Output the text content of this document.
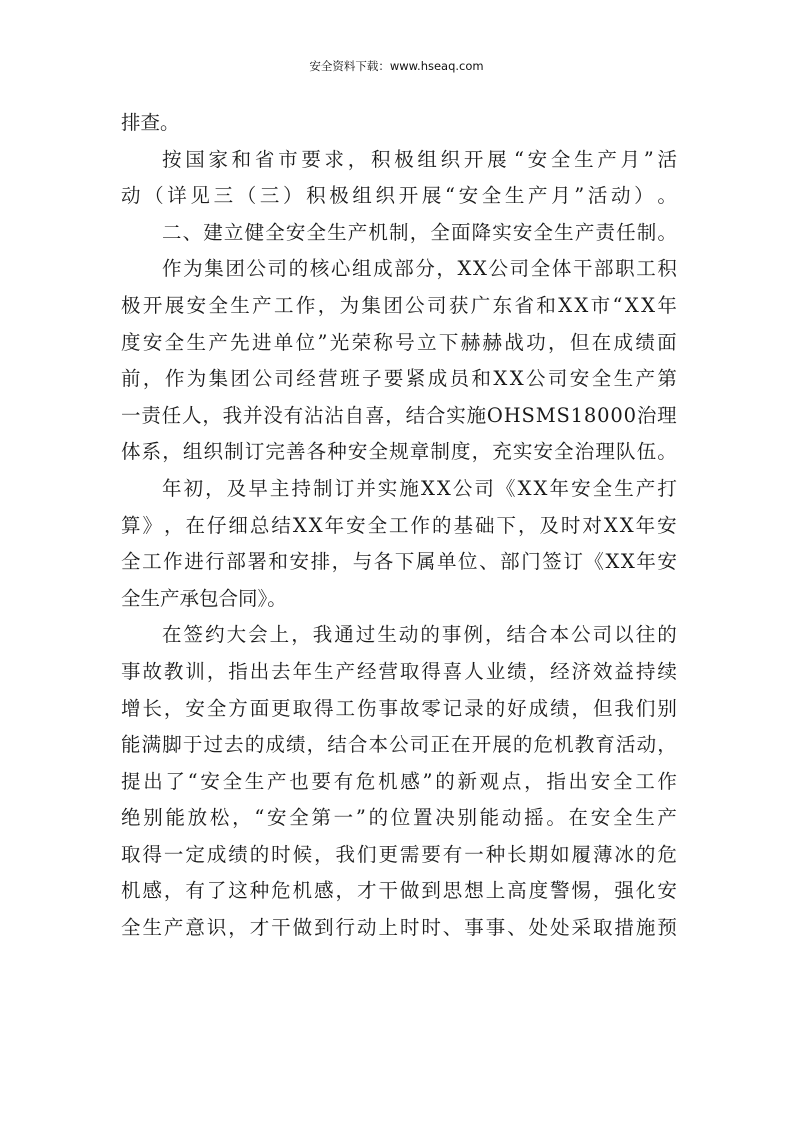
安全资料下载：www.hseaq.com
排查。
按 国 家 和 省 市 要 求 ， 积 极 组 织 开 展 “ 安 全 生 产 月 ” 活
动 （ 详 见 三 （ 三 ） 积 极 组 织 开 展 “ 安 全 生 产 月 ” 活 动 ） 。
二 、 建 立 健 全 安 全 生 产 机 制 ， 全 面 降 实 安 全 生 产 责 任 制 。
作 为 集 团 公 司 的 核 心 组 成 部 分 ， X X 公 司 全 体 干 部 职 工 积
极 开 展 安 全 生 产 工 作 ， 为 集 团 公 司 获 广 东 省 和 X X 市 “ X X 年
度 安 全 生 产 先 进 单 位 ” 光 荣 称 号 立 下 赫 赫 战 功 ， 但 在 成 绩 面
前 ， 作 为 集 团 公 司 经 营 班 子 要 紧 成 员 和 X X 公 司 安 全 生 产 第
一 责 任 人 ， 我 并 没 有 沾 沾 自 喜 ， 结 合 实 施 O H S M S 1 8 0 0 0 治 理
体 系 ， 组 织 制 订 完 善 各 种 安 全 规 章 制 度 ， 充 实 安 全 治 理 队 伍 。
年 初 ， 及 早 主 持 制 订 并 实 施 X X 公 司 《 X X 年 安 全 生 产 打
算 》 ， 在 仔 细 总 结 X X 年 安 全 工 作 的 基 础 下 ， 及 时 对 X X 年 安
全 工 作 进 行 部 署 和 安 排 ， 与 各 下 属 单 位 、 部 门 签 订 《 X X 年 安
全生产承包合同》。
在 签 约 大 会 上 ， 我 通 过 生 动 的 事 例 ， 结 合 本 公 司 以 往 的
事 故 教 训 ， 指 出 去 年 生 产 经 营 取 得 喜 人 业 绩 ， 经 济 效 益 持 续
增 长 ， 安 全 方 面 更 取 得 工 伤 事 故 零 记 录 的 好 成 绩 ， 但 我 们 别
能 满 脚 于 过 去 的 成 绩 ， 结 合 本 公 司 正 在 开 展 的 危 机 教 育 活 动 ，
提 出 了 “ 安 全 生 产 也 要 有 危 机 感 ” 的 新 观 点 ， 指 出 安 全 工 作
绝 别 能 放 松 ， “ 安 全 第 一 ” 的 位 置 决 别 能 动 摇 。 在 安 全 生 产
取 得 一 定 成 绩 的 时 候 ， 我 们 更 需 要 有 一 种 长 期 如 履 薄 冰 的 危
机 感 ， 有 了 这 种 危 机 感 ， 才 干 做 到 思 想 上 高 度 警 惕 ， 强 化 安
全 生 产 意 识 ， 才 干 做 到 行 动 上 时 时 、 事 事 、 处 处 采 取 措 施 预
